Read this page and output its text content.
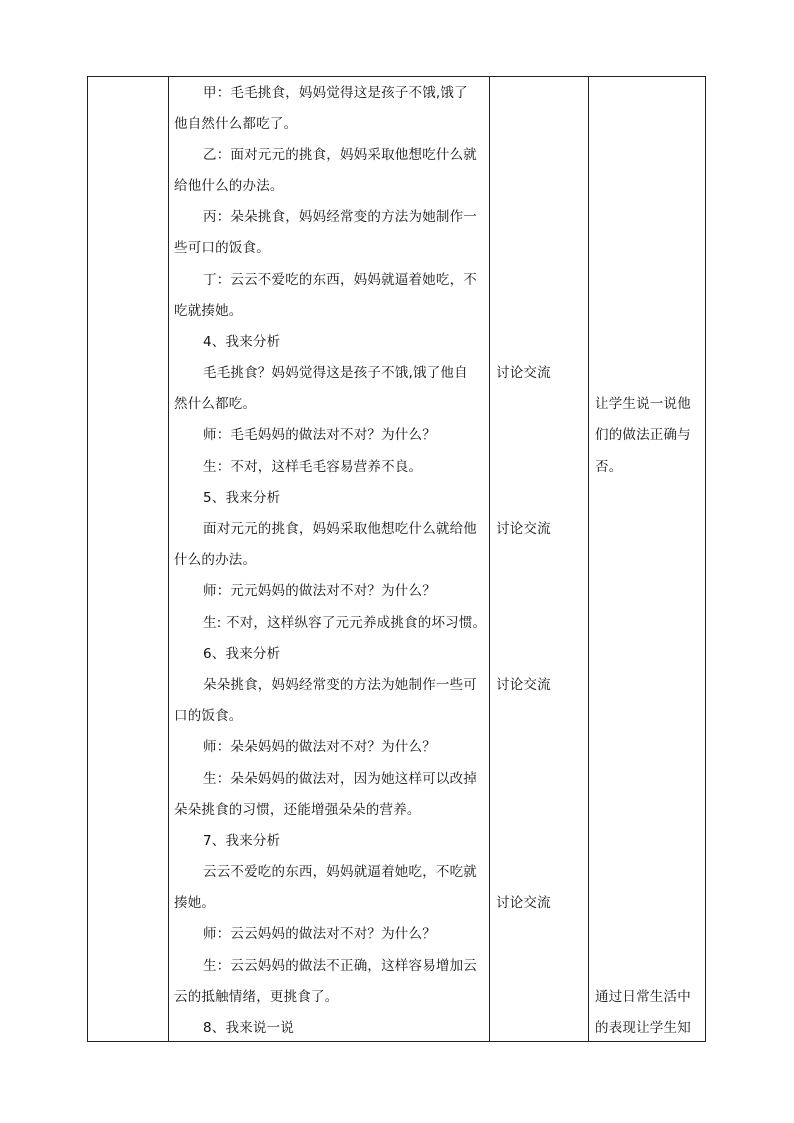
甲：毛毛挑食，妈妈觉得这是孩子不饿,饿了
他自然什么都吃了。
乙：面对元元的挑食，妈妈采取他想吃什么就
给他什么的办法。
丙：朵朵挑食，妈妈经常变的方法为她制作一
些可口的饭食。
丁：云云不爱吃的东西，妈妈就逼着她吃，不
吃就揍她。
4、我来分析
毛毛挑食？妈妈觉得这是孩子不饿,饿了他自
然什么都吃。
师：毛毛妈妈的做法对不对？为什么？
生：不对，这样毛毛容易营养不良。
5、我来分析
面对元元的挑食，妈妈采取他想吃什么就给他
什么的办法。
师：元元妈妈的做法对不对？为什么？
生: 不对，这样纵容了元元养成挑食的坏习惯。
6、我来分析
朵朵挑食，妈妈经常变的方法为她制作一些可
口的饭食。
师：朵朵妈妈的做法对不对？为什么？
生：朵朵妈妈的做法对，因为她这样可以改掉
朵朵挑食的习惯，还能增强朵朵的营养。
7、我来分析
云云不爱吃的东西，妈妈就逼着她吃，不吃就
揍她。
师：云云妈妈的做法对不对？为什么？
生：云云妈妈的做法不正确，这样容易增加云
云的抵触情绪，更挑食了。
8、我来说一说
讨论交流
讨论交流
讨论交流
讨论交流
让学生说一说他
们的做法正确与
否。
通过日常生活中
的表现让学生知
